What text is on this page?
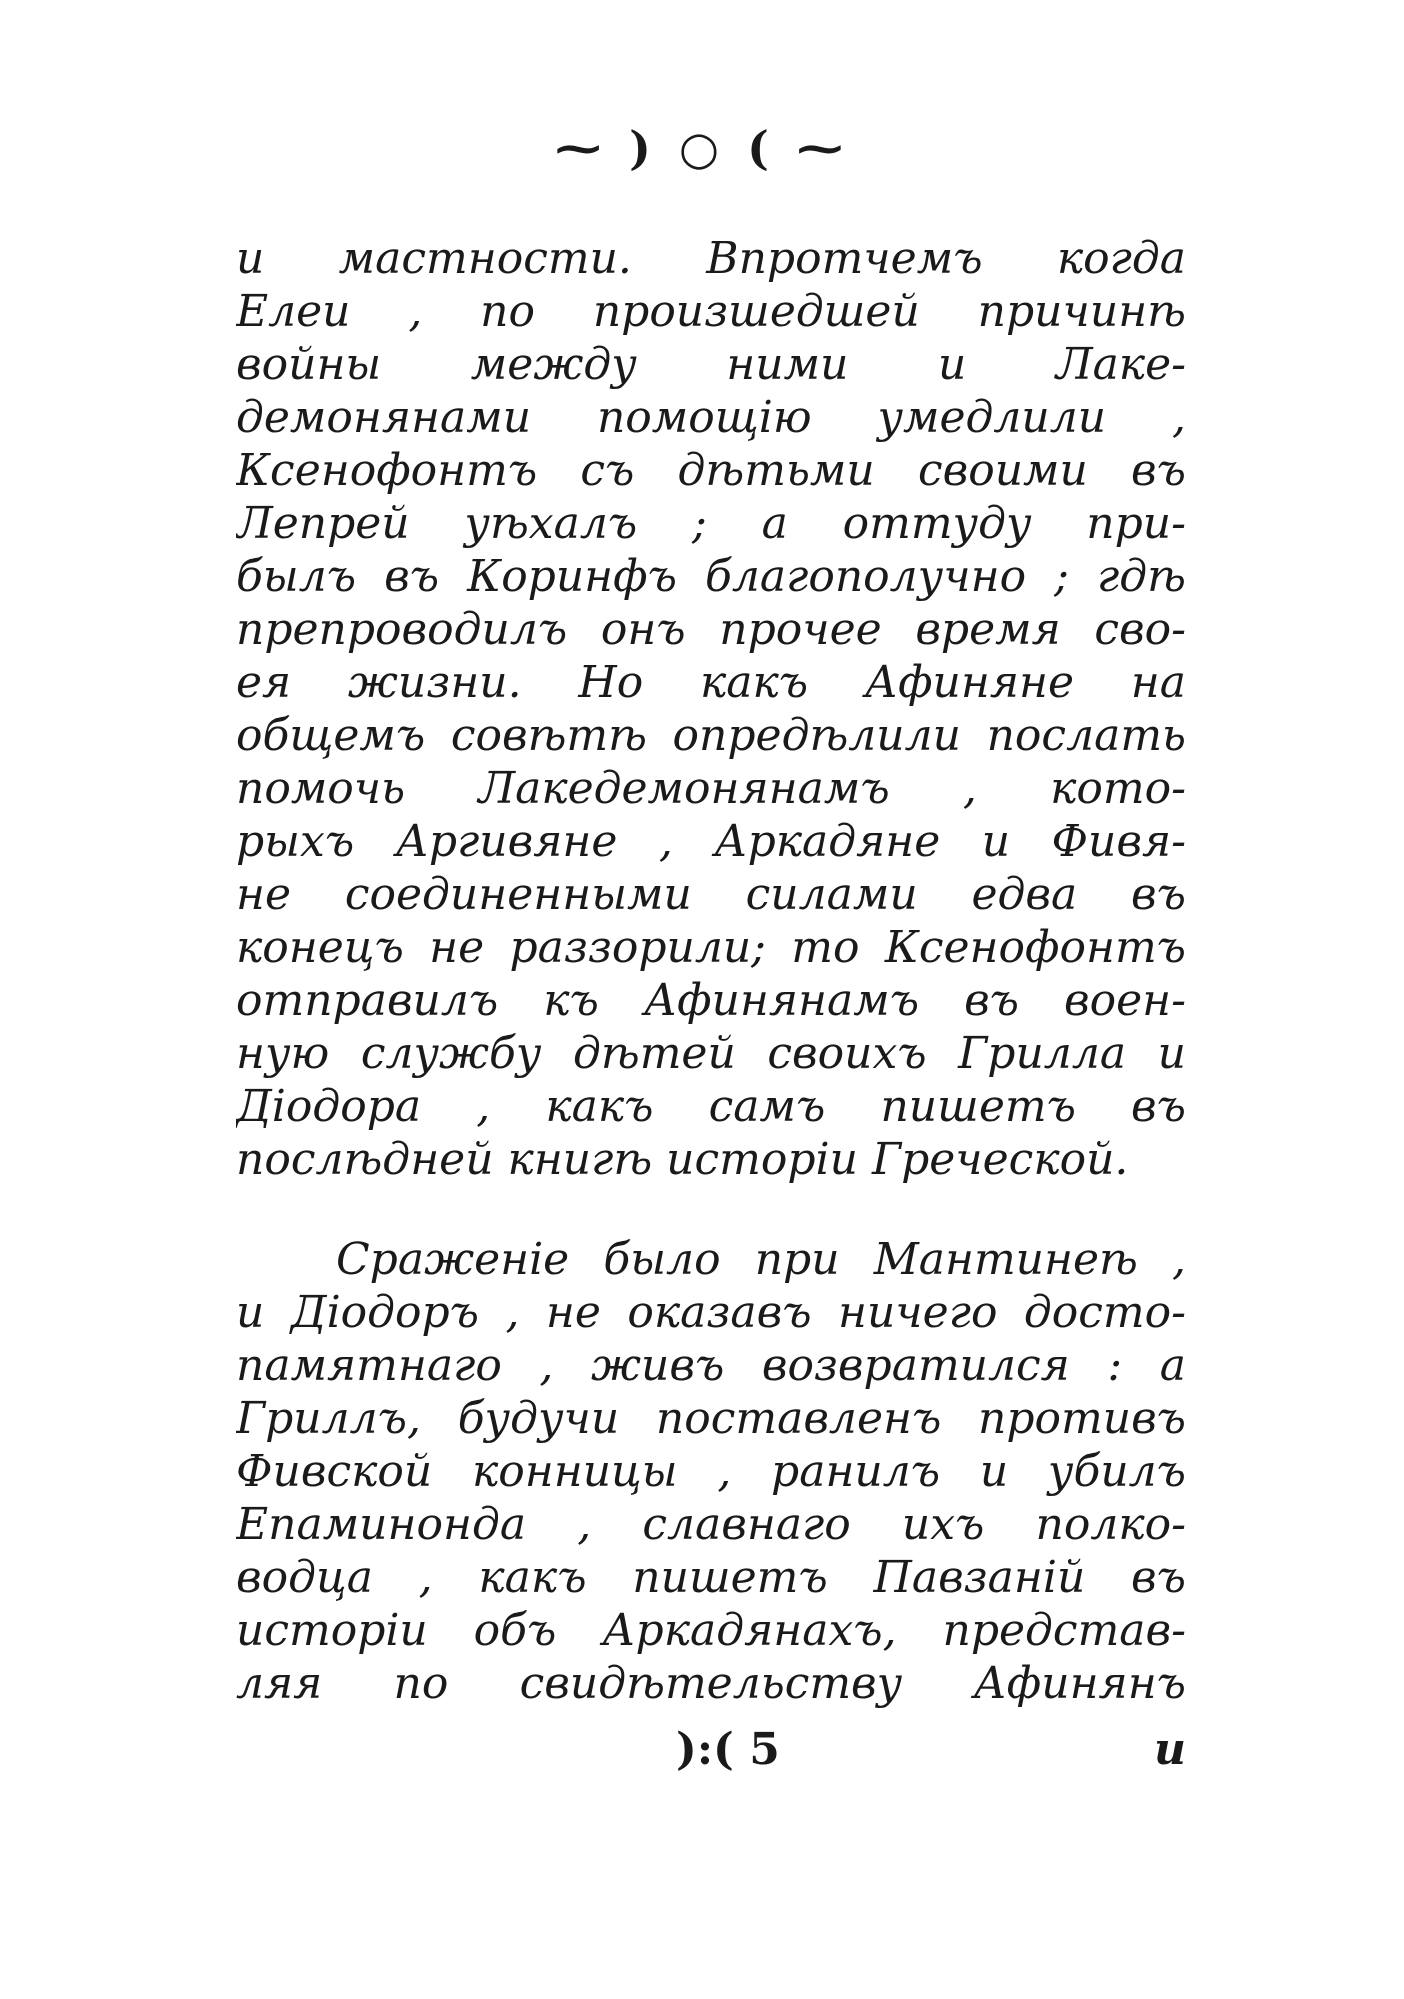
⁓ ) ○ ( ⁓
и мастности. Впротчемъ когда
Елеи , по произшедшей причинѣ
войны между ними и Лаке-
демонянами помощію умедлили ,
Ксенофонтъ съ дѣтьми своими въ
Лепрей уѣхалъ ; а оттуду при-
былъ въ Коринфъ благополучно ; гдѣ
препроводилъ онъ прочее время сво-
ея жизни. Но какъ Афиняне на
общемъ совѣтѣ опредѣлили послать
помочь Лакедемонянамъ , кото-
рыхъ Аргивяне , Аркадяне и Фивя-
не соединенными силами едва въ
конецъ не раззорили; то Ксенофонтъ
отправилъ къ Афинянамъ въ воен-
ную службу дѣтей своихъ Грилла и
Діодора , какъ самъ пишетъ въ
послѣдней книгѣ исторіи Греческой.
Сраженіе было при Мантинеѣ ,
и Діодоръ , не оказавъ ничего достo-
памятнаго , живъ возвратился : а
Гриллъ, будучи поставленъ противъ
Фивской конницы , ранилъ и убилъ
Епаминонда , славнаго ихъ полко-
водца , какъ пишетъ Павзаній въ
исторіи объ Аркадянахъ, представ-
ляя по свидѣтельству Афинянъ
):( 5	и
